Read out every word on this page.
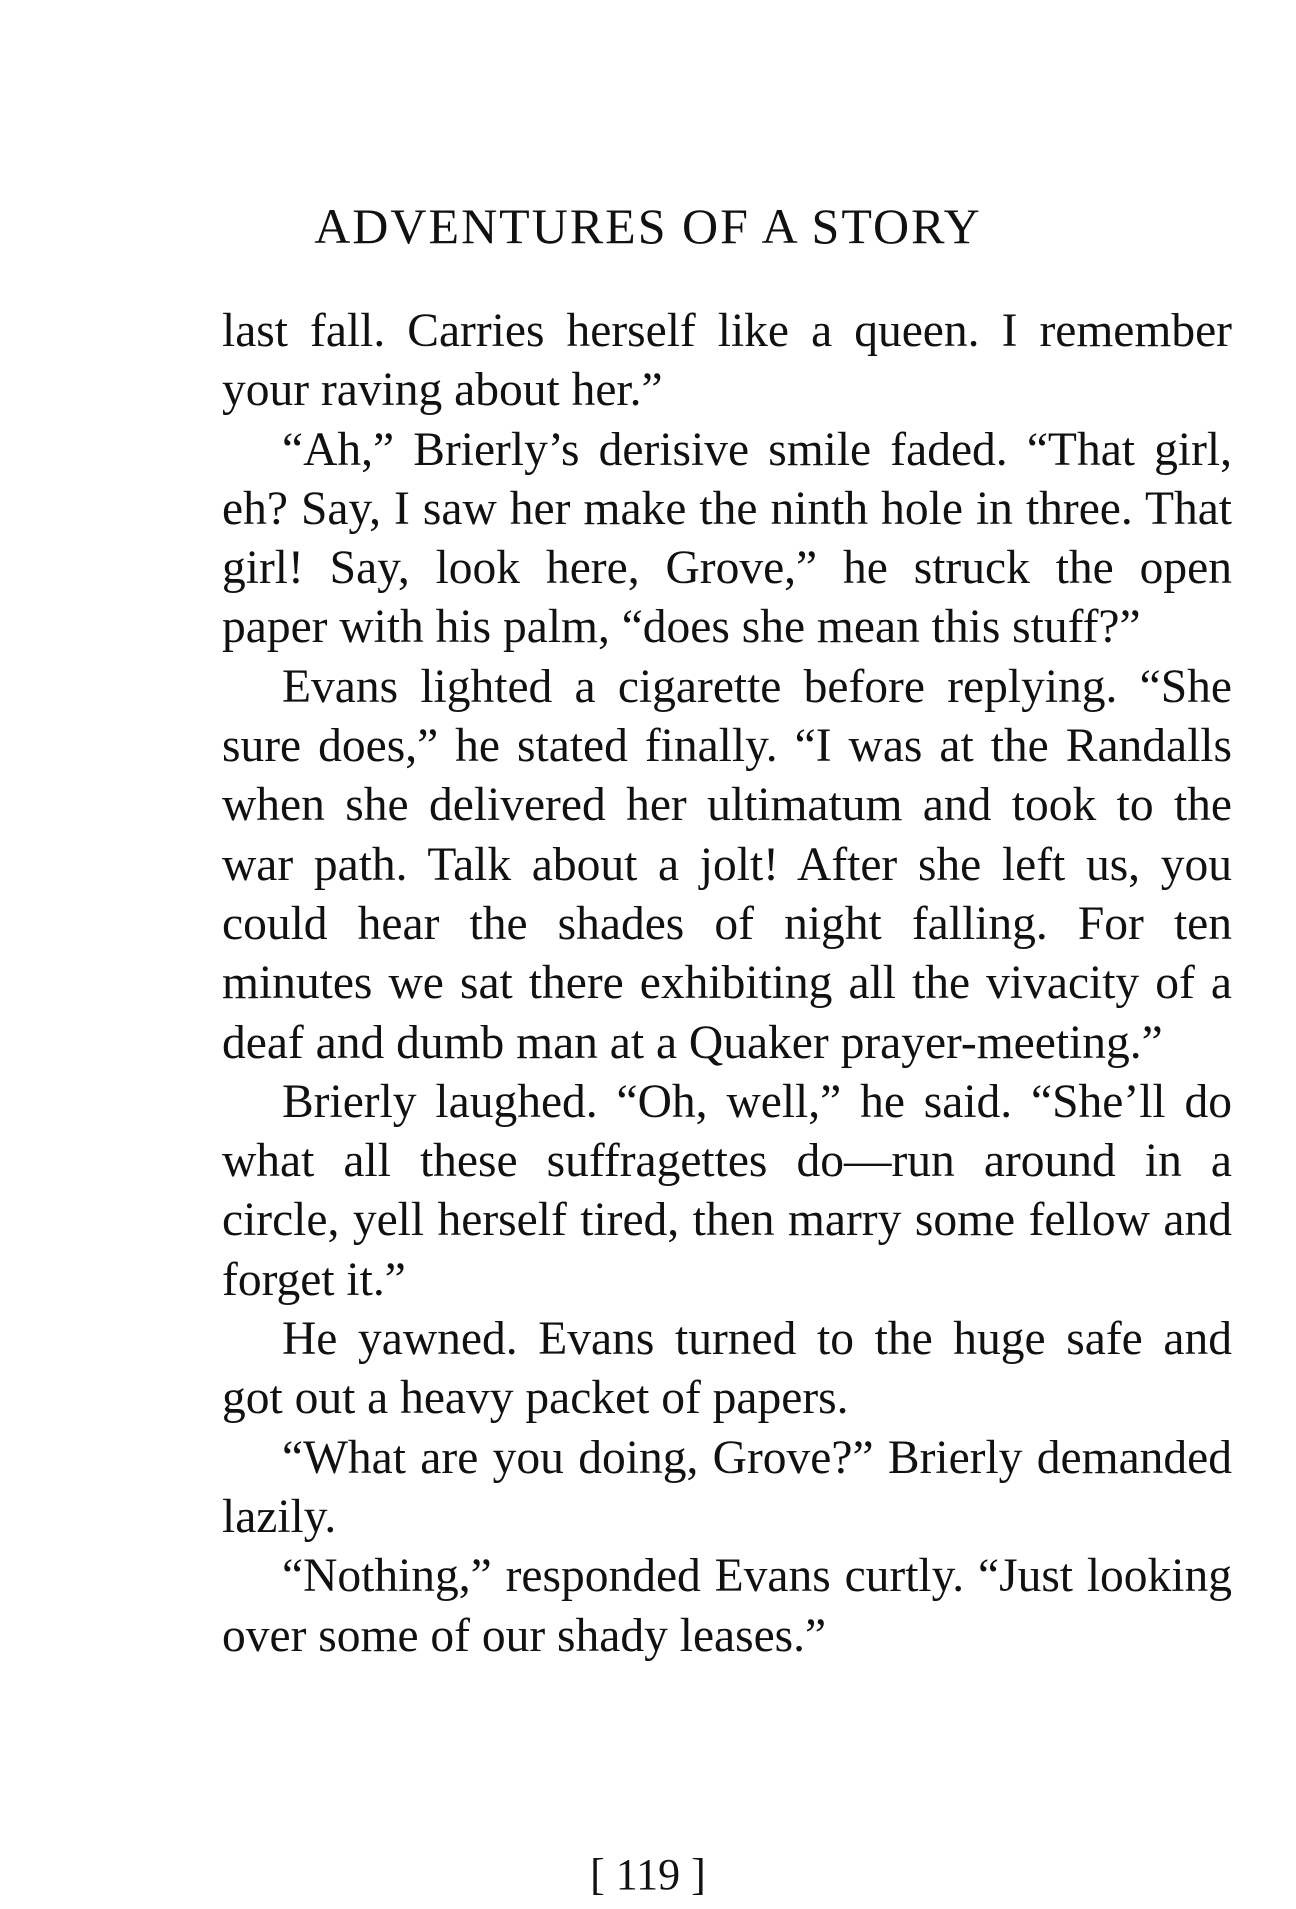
ADVENTURES OF A STORY

last fall. Carries herself like a queen. I remember your raving about her.”

“Ah,” Brierly’s derisive smile faded. “That girl, eh? Say, I saw her make the ninth hole in three. That girl! Say, look here, Grove,” he struck the open paper with his palm, “does she mean this stuff?”

Evans lighted a cigarette before replying. “She sure does,” he stated finally. “I was at the Randalls when she delivered her ultimatum and took to the war path. Talk about a jolt! After she left us, you could hear the shades of night falling. For ten minutes we sat there exhibiting all the vivacity of a deaf and dumb man at a Quaker prayer-meeting.”

Brierly laughed. “Oh, well,” he said. “She’ll do what all these suffragettes do—run around in a circle, yell herself tired, then marry some fellow and forget it.”

He yawned. Evans turned to the huge safe and got out a heavy packet of papers.

“What are you doing, Grove?” Brierly demanded lazily.

“Nothing,” responded Evans curtly. “Just looking over some of our shady leases.”

[ 119 ]
